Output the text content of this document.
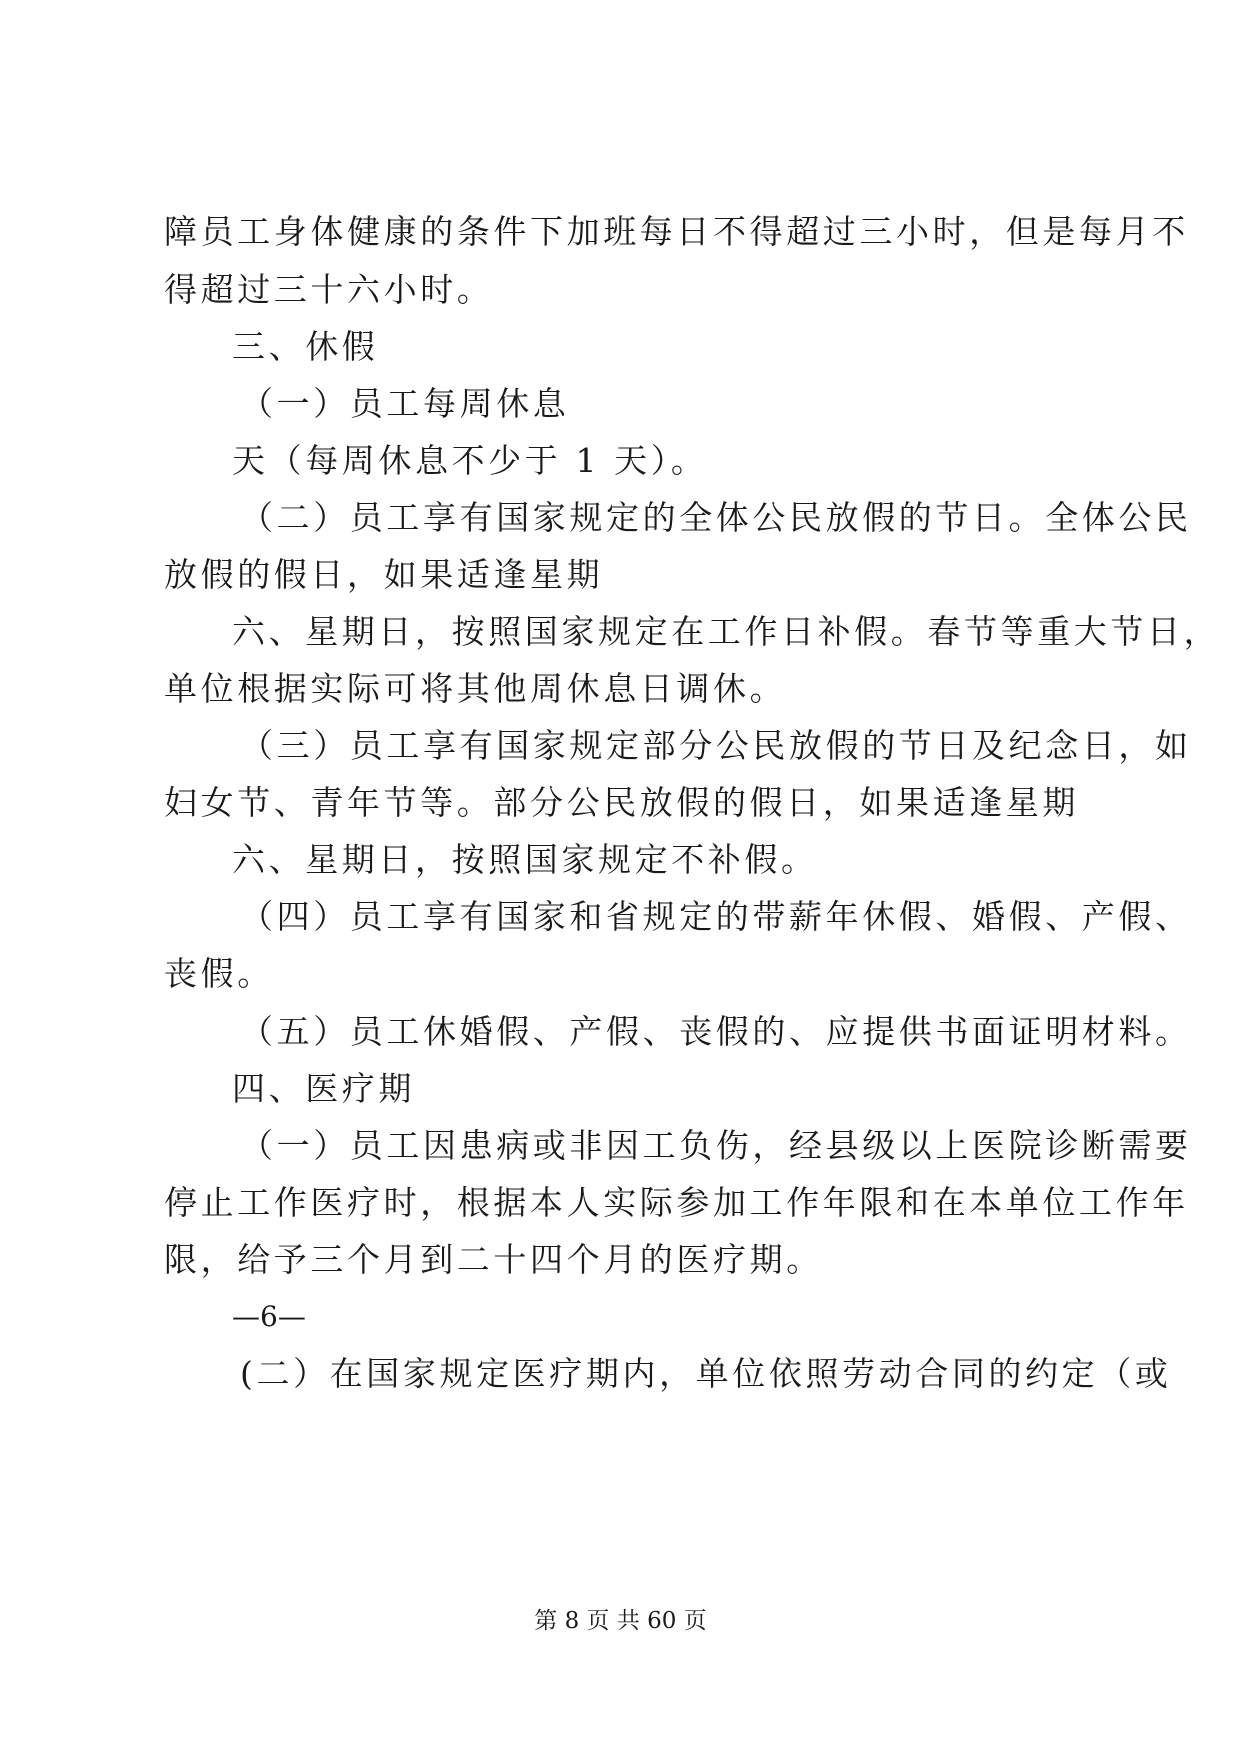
障员工身体健康的条件下加班每日不得超过三小时，但是每月不
得超过三十六小时。
三、休假
（一）员工每周休息
天（每周休息不少于 1 天）。
（二）员工享有国家规定的全体公民放假的节日。全体公民
放假的假日，如果适逢星期
六、星期日，按照国家规定在工作日补假。春节等重大节日，
单位根据实际可将其他周休息日调休。
（三）员工享有国家规定部分公民放假的节日及纪念日，如
妇女节、青年节等。部分公民放假的假日，如果适逢星期
六、星期日，按照国家规定不补假。
（四）员工享有国家和省规定的带薪年休假、婚假、产假、
丧假。
（五）员工休婚假、产假、丧假的、应提供书面证明材料。
四、医疗期
（一）员工因患病或非因工负伤，经县级以上医院诊断需要
停止工作医疗时，根据本人实际参加工作年限和在本单位工作年
限，给予三个月到二十四个月的医疗期。
—6—
(二）在国家规定医疗期内，单位依照劳动合同的约定（或
第 8 页 共 60 页
